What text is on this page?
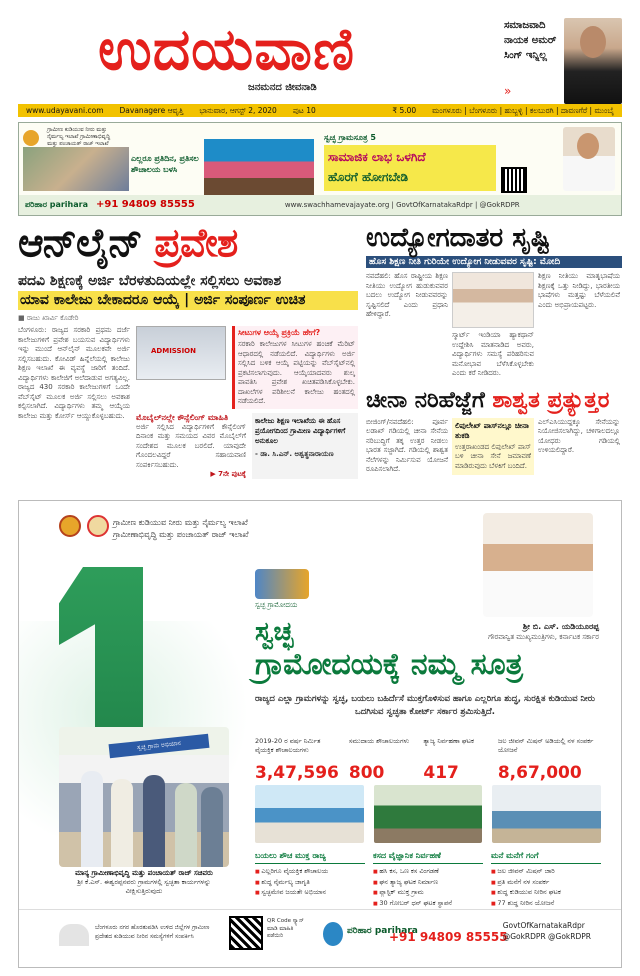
ಉದಯವಾಣಿ
ಜನಮನದ ಜೀವನಾಡಿ
ಸಮಾಜವಾದಿ ನಾಯಕ ಅಮರ್ ಸಿಂಗ್ ಇನ್ನಿಲ್ಲ
»
www.udayavani.com	Davanagere ಆವೃತ್ತಿ	ಭಾನುವಾರ, ಆಗಸ್ಟ್ 2, 2020	ಪುಟ 10	₹ 5.00	ಮಂಗಳೂರು | ಬೆಂಗಳೂರು | ಹುಬ್ಬಳ್ಳಿ | ಕಲಬುರಗಿ | ದಾವಣಗೆರೆ | ಮುಂಬೈ
ಗ್ರಾಮೀಣ ಕುಡಿಯುವ ನೀರು ಮತ್ತು ನೈರ್ಮಲ್ಯ ಇಲಾಖೆ ಗ್ರಾಮೀಣಾಭಿವೃದ್ಧಿ ಮತ್ತು ಪಂಚಾಯತ್ ರಾಜ್ ಇಲಾಖೆ
ಎಲ್ಲರೂ ಪ್ರತಿದಿನ, ಪ್ರತಿಸಲ ಶೌಚಾಲಯ ಬಳಸಿ
ಸ್ವಚ್ಛ ಗ್ರಾಮಸೂತ್ರ 5
ಸಾಮಾಜಿಕ ಲಾಭ ಒಳಗಿದೆ
ಹೊರಗೆ ಹೋಗಬೇಡಿ
ಪರಿಹಾರ parihara +91 94809 85555	www.swachhamevajayate.org | GovtOfKarnatakaRdpr | @GokRDPR
ಆನ್‌ಲೈನ್ ಪ್ರವೇಶ
ಪದವಿ ಶಿಕ್ಷಣಕ್ಕೆ ಅರ್ಜಿ ಬೆರಳತುದಿಯಲ್ಲೇ ಸಲ್ಲಿಸಲು ಅವಕಾಶ
ಯಾವ ಕಾಲೇಜು ಬೇಕಾದರೂ ಆಯ್ಕೆ | ಅರ್ಜಿ ಸಂಪೂರ್ಣ ಉಚಿತ
■ ರಾಜು ಖಾರ್ವಿ ಕೊಡೇರಿ
ಬೆಂಗಳೂರು: ರಾಜ್ಯದ ಸರಕಾರಿ ಪ್ರಥಮ ದರ್ಜೆ ಕಾಲೇಜುಗಳಿಗೆ ಪ್ರವೇಶ ಬಯಸುವ ವಿದ್ಯಾರ್ಥಿಗಳು ಇನ್ನು ಮುಂದೆ ಆನ್‌ಲೈನ್ ಮೂಲಕವೇ ಅರ್ಜಿ ಸಲ್ಲಿಸಬಹುದು. ಕೋವಿಡ್ ಹಿನ್ನೆಲೆಯಲ್ಲಿ ಕಾಲೇಜು ಶಿಕ್ಷಣ ಇಲಾಖೆ ಈ ವ್ಯವಸ್ಥೆ ಜಾರಿಗೆ ತಂದಿದೆ. ವಿದ್ಯಾರ್ಥಿಗಳು ಕಾಲೇಜಿಗೆ ಅಲೆದಾಡುವ ಅಗತ್ಯವಿಲ್ಲ. ರಾಜ್ಯದ 430 ಸರಕಾರಿ ಕಾಲೇಜುಗಳಿಗೆ ಒಂದೇ ವೆಬ್‌ಸೈಟ್ ಮೂಲಕ ಅರ್ಜಿ ಸಲ್ಲಿಸಲು ಅವಕಾಶ ಕಲ್ಪಿಸಲಾಗಿದೆ. ವಿದ್ಯಾರ್ಥಿಗಳು ತಮ್ಮ ಆಯ್ಕೆಯ ಕಾಲೇಜು ಮತ್ತು ಕೋರ್ಸ್ ಆಯ್ದುಕೊಳ್ಳಬಹುದು.
ADMISSION
ಸೀಟುಗಳ ಆಯ್ಕೆ ಪ್ರಕ್ರಿಯೆ ಹೇಗೆ?
ಸರಕಾರಿ ಕಾಲೇಜುಗಳ ಸೀಟುಗಳ ಹಂಚಿಕೆ ಮೆರಿಟ್ ಆಧಾರದಲ್ಲಿ ನಡೆಯಲಿದೆ. ವಿದ್ಯಾರ್ಥಿಗಳು ಅರ್ಜಿ ಸಲ್ಲಿಸಿದ ಬಳಿಕ ಆಯ್ಕೆ ಪಟ್ಟಿಯನ್ನು ವೆಬ್‌ಸೈಟ್‌ನಲ್ಲಿ ಪ್ರಕಟಿಸಲಾಗುವುದು. ಆಯ್ಕೆಯಾದವರು ಶುಲ್ಕ ಪಾವತಿಸಿ ಪ್ರವೇಶ ಖಚಿತಪಡಿಸಿಕೊಳ್ಳಬೇಕು. ದಾಖಲೆಗಳ ಪರಿಶೀಲನೆ ಕಾಲೇಜು ಹಂತದಲ್ಲಿ ನಡೆಯಲಿದೆ.
ಮೊಬೈಲ್‌ನಲ್ಲೇ ಕೌನ್ಸೆಲಿಂಗ್ ಮಾಹಿತಿ
ಅರ್ಜಿ ಸಲ್ಲಿಸಿದ ವಿದ್ಯಾರ್ಥಿಗಳಿಗೆ ಕೌನ್ಸೆಲಿಂಗ್ ದಿನಾಂಕ ಮತ್ತು ಸಮಯದ ವಿವರ ಮೊಬೈಲ್‌ಗೆ ಸಂದೇಶದ ಮೂಲಕ ಬರಲಿದೆ. ಯಾವುದೇ ಗೊಂದಲವಿದ್ದರೆ ಸಹಾಯವಾಣಿ ಸಂಪರ್ಕಿಸಬಹುದು.
▶ 7ನೇ ಪುಟಕ್ಕೆ
ಕಾಲೇಜು ಶಿಕ್ಷಣ ಇಲಾಖೆಯ ಈ ಹೊಸ ಪ್ರಯೋಗದಿಂದ ಗ್ರಾಮೀಣ ವಿದ್ಯಾರ್ಥಿಗಳಿಗೆ ಅನುಕೂಲ
- ಡಾ. ಸಿ.ಎನ್. ಅಶ್ವತ್ಥನಾರಾಯಣ
ಉದ್ಯೋಗದಾತರ ಸೃಷ್ಟಿ
ಹೊಸ ಶಿಕ್ಷಣ ನೀತಿ ಗುರಿಯೇ ಉದ್ಯೋಗ ನೀಡುವವರ ಸೃಷ್ಟಿ: ಮೋದಿ
ನವದೆಹಲಿ: ಹೊಸ ರಾಷ್ಟ್ರೀಯ ಶಿಕ್ಷಣ ನೀತಿಯು ಉದ್ಯೋಗ ಹುಡುಕುವವರ ಬದಲು ಉದ್ಯೋಗ ನೀಡುವವರನ್ನು ಸೃಷ್ಟಿಸಲಿದೆ ಎಂದು ಪ್ರಧಾನಿ ಹೇಳಿದ್ದಾರೆ.
ಸ್ಮಾರ್ಟ್ ಇಂಡಿಯಾ ಹ್ಯಾಕಥಾನ್ ಉದ್ದೇಶಿಸಿ ಮಾತನಾಡಿದ ಅವರು, ವಿದ್ಯಾರ್ಥಿಗಳು ಸಮಸ್ಯೆ ಪರಿಹರಿಸುವ ಮನೋಭಾವ ಬೆಳೆಸಿಕೊಳ್ಳಬೇಕು ಎಂದು ಕರೆ ನೀಡಿದರು.
ಶಿಕ್ಷಣ ನೀತಿಯು ಮಾತೃಭಾಷೆಯ ಶಿಕ್ಷಣಕ್ಕೆ ಒತ್ತು ನೀಡಿದ್ದು, ಭಾರತೀಯ ಭಾಷೆಗಳು ಮತ್ತಷ್ಟು ಬೆಳೆಯಲಿವೆ ಎಂದು ಅಭಿಪ್ರಾಯಪಟ್ಟರು.
ಚೀನಾ ನರಿಹೆಜ್ಜೆಗೆ ಶಾಶ್ವತ ಪ್ರತ್ಯುತ್ತರ
ಬೀಜಿಂಗ್/ನವದೆಹಲಿ: ಪೂರ್ವ ಲಡಾಖ್ ಗಡಿಯಲ್ಲಿ ಚೀನಾ ಸೇನೆಯ ನರಿಬುದ್ಧಿಗೆ ತಕ್ಕ ಉತ್ತರ ನೀಡಲು ಭಾರತ ಸಜ್ಜಾಗಿದೆ. ಗಡಿಯಲ್ಲಿ ಶಾಶ್ವತ ನೆಲೆಗಳನ್ನು ನಿರ್ಮಿಸುವ ಯೋಜನೆ ರೂಪಿಸಲಾಗಿದೆ.
ಲಿಪುಲೇಖ್ ಪಾಸ್‌ನಲ್ಲೂ ಚೀನಾ ತುಕಡಿ
ಉತ್ತರಾಖಂಡದ ಲಿಪುಲೇಖ್ ಪಾಸ್ ಬಳಿ ಚೀನಾ ಸೇನೆ ಜಮಾವಣೆ ಮಾಡಿರುವುದು ಬೆಳಕಿಗೆ ಬಂದಿದೆ.
ಎಲ್‌ಎಸಿಯುದ್ದಕ್ಕೂ ಸೇನೆಯನ್ನು ನಿಯೋಜಿಸಲಾಗಿದ್ದು, ಚಳಿಗಾಲದಲ್ಲೂ ಯೋಧರು ಗಡಿಯಲ್ಲಿ ಉಳಿಯಲಿದ್ದಾರೆ.
ಗ್ರಾಮೀಣ ಕುಡಿಯುವ ನೀರು ಮತ್ತು ನೈರ್ಮಲ್ಯ ಇಲಾಖೆ
ಗ್ರಾಮೀಣಾಭಿವೃದ್ಧಿ ಮತ್ತು ಪಂಚಾಯತ್ ರಾಜ್ ಇಲಾಖೆ
ಶ್ರೀ ಬಿ. ಎಸ್. ಯಡಿಯೂರಪ್ಪ
ಗೌರವಾನ್ವಿತ ಮುಖ್ಯಮಂತ್ರಿಗಳು, ಕರ್ನಾಟಕ ಸರ್ಕಾರ
ಸ್ವಚ್ಛ ಗ್ರಾಮೋದಯ
ಸ್ವಚ್ಛ
ಗ್ರಾಮೋದಯಕ್ಕೆ ನಮ್ಮ ಸೂತ್ರ
ರಾಜ್ಯದ ಎಲ್ಲಾ ಗ್ರಾಮಗಳನ್ನು ಸ್ವಚ್ಛ, ಬಯಲು ಬಹಿರ್ದೆಸೆ ಮುಕ್ತಗೊಳಿಸುವ ಹಾಗೂ ಎಲ್ಲರಿಗೂ ಶುದ್ಧ, ಸುರಕ್ಷಿತ ಕುಡಿಯುವ ನೀರು ಒದಗಿಸುವ ಸ್ವಚ್ಛತಾ ಕೋರ್ಟ್ ಸರ್ಕಾರ ಶ್ರಮಿಸುತ್ತಿದೆ.
2019-20 ರ ವರ್ಷ ನಿರ್ಮಿತ ವೈಯಕ್ತಿಕ ಶೌಚಾಲಯಗಳು
3,47,596
ಸಮುದಾಯ ಶೌಚಾಲಯಗಳು
800
ತ್ಯಾಜ್ಯ ನಿರ್ವಹಣಾ ಘಟಕ
417
ಜಲ ಜೀವನ್ ಮಿಷನ್ ಅಡಿಯಲ್ಲಿ ನಳ ಸಂಪರ್ಕ ಯೋಜನೆ
8,67,000
ಬಯಲು ಶೌಚ ಮುಕ್ತ ರಾಜ್ಯ
■ ಎಲ್ಲರಿಗೂ ವೈಯಕ್ತಿಕ ಶೌಚಾಲಯ
■ ಶುದ್ಧ ನೈರ್ಮಲ್ಯ ಜಾಗೃತಿ
■ ಸ್ವಚ್ಛಮೇವ ಜಯತೇ ಅಭಿಯಾನ
ಕಸದ ವೈಜ್ಞಾನಿಕ ನಿರ್ವಹಣೆ
■ ಹಸಿ ಕಸ, ಒಣ ಕಸ ವಿಂಗಡಣೆ
■ ಘನ ತ್ಯಾಜ್ಯ ಘಟಕ ನಿರ್ಮಾಣ
■ ಪ್ಲಾಸ್ಟಿಕ್ ಮುಕ್ತ ಗ್ರಾಮ
■ 30 ಗೋಬರ್ ಧನ್ ಘಟಕ ಸ್ಥಾಪನೆ
ಮನೆ ಮನೆಗೆ ಗಂಗೆ
■ ಜಲ ಜೀವನ್ ಮಿಷನ್ ಜಾರಿ
■ ಪ್ರತಿ ಮನೆಗೆ ನಳ ಸಂಪರ್ಕ
■ ಶುದ್ಧ ಕುಡಿಯುವ ನೀರಿನ ಘಟಕ
■ 77 ಶುದ್ಧ ನೀರಿನ ಯೋಜನೆ
ಸ್ವಚ್ಛ ಗ್ರಾಮ ಅಭಿಯಾನ
ಮಾನ್ಯ ಗ್ರಾಮೀಣಾಭಿವೃದ್ಧಿ ಮತ್ತು ಪಂಚಾಯತ್ ರಾಜ್ ಸಚಿವರು
ಶ್ರೀ ಕೆ.ಎಸ್. ಈಶ್ವರಪ್ಪನವರು ಗ್ರಾಮಗಳಲ್ಲಿ ಸ್ವಚ್ಛತಾ ಕಾರ್ಯಗಳನ್ನು ವೀಕ್ಷಿಸುತ್ತಿರುವುದು
ಬೆಂಗಳೂರು ನಗರ ಹೊರತುಪಡಿಸಿ ಉಳಿದ ಜಿಲ್ಲೆಗಳ ಗ್ರಾಮೀಣ ಪ್ರದೇಶದ ಕುಡಿಯುವ ನೀರಿನ ಸಮಸ್ಯೆಗಳಿಗೆ ಸಂಪರ್ಕಿಸಿ
QR Code ಸ್ಕ್ಯಾನ್ ಮಾಡಿ ಮಾಹಿತಿ ಪಡೆಯಿರಿ	ಪರಿಹಾರ parihara
+91 94809 85555
GovtOfKarnatakaRdpr
@GokRDPR @GokRDPR
